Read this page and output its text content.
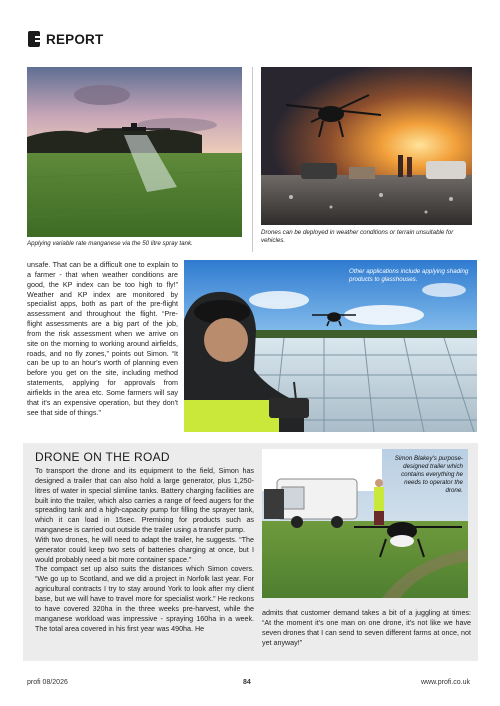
REPORT
Applying variable rate manganese via the 50 litre spray tank.
Drones can be deployed in weather conditions or terrain unsuitable for vehicles.
unsafe. That can be a difficult one to explain to a farmer - that when weather conditions are good, the KP index can be too high to fly!” Weather and KP index are monitored by specialist apps, both as part of the pre-flight assessment and throughout the flight. “Pre-flight assessments are a big part of the job, from the risk assessment when we arrive on site on the morning to working around airfields, roads, and no fly zones,” points out Simon. “It can be up to an hour's worth of planning even before you get on the site, including method statements, applying for approvals from airfields in the area etc. Some farmers will say that it's an expensive operation, but they don't see that side of things.”
Other applications include applying shading products to glasshouses.
DRONE ON THE ROAD
To transport the drone and its equipment to the field, Simon has designed a trailer that can also hold a large generator, plus 1,250-litres of water in special slimline tanks. Battery charging facilities are built into the trailer, which also carries a range of feed augers for the spreading tank and a high-capacity pump for filling the sprayer tank, which it can load in 15sec. Premixing for products such as manganese is carried out outside the trailer using a transfer pump.
With two drones, he will need to adapt the trailer, he suggests. “The generator could keep two sets of batteries charging at once, but I would probably need a bit more container space.”
The compact set up also suits the distances which Simon covers. “We go up to Scotland, and we did a project in Norfolk last year. For agricultural contracts I try to stay around York to look after my client base, but we will have to travel more for specialist work.” He reckons to have covered 320ha in the three weeks pre-harvest, while the manganese workload was impressive - spraying 160ha in a week. The total area covered in his first year was 490ha. He
Simon Blakey's purpose-designed trailer which contains everything he needs to operator the drone.
admits that customer demand takes a bit of a juggling at times: “At the moment it's one man on one drone, it's not like we have seven drones that I can send to seven different farms at once, not yet anyway!”
profi 08/2026	84	www.profi.co.uk
